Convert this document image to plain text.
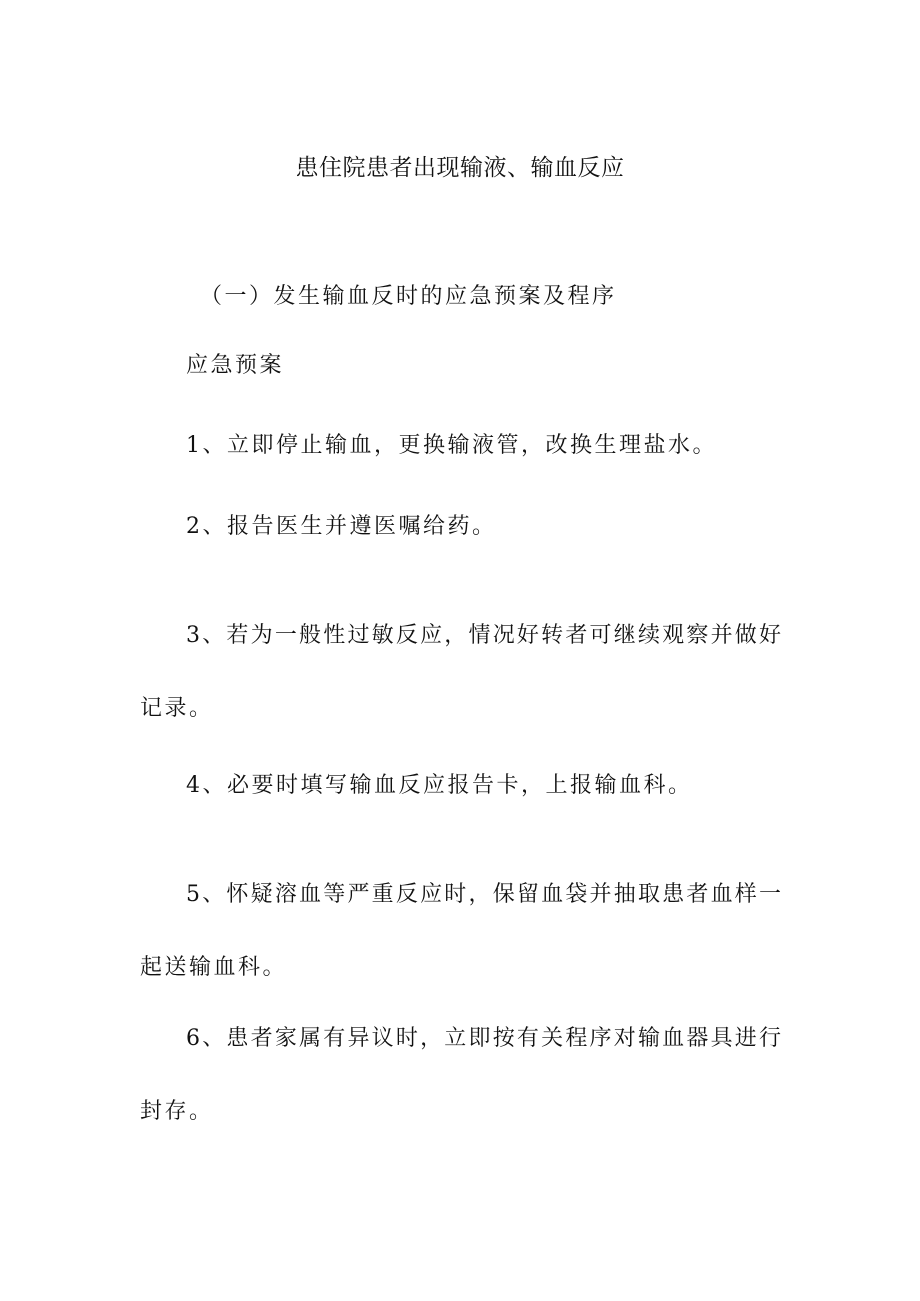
患住院患者出现输液、输血反应

（一）发生输血反时的应急预案及程序

应急预案

1、立即停止输血，更换输液管，改换生理盐水。

2、报告医生并遵医嘱给药。

3、若为一般性过敏反应，情况好转者可继续观察并做好

记录。

4、必要时填写输血反应报告卡，上报输血科。

5、怀疑溶血等严重反应时，保留血袋并抽取患者血样一

起送输血科。

6、患者家属有异议时，立即按有关程序对输血器具进行

封存。
